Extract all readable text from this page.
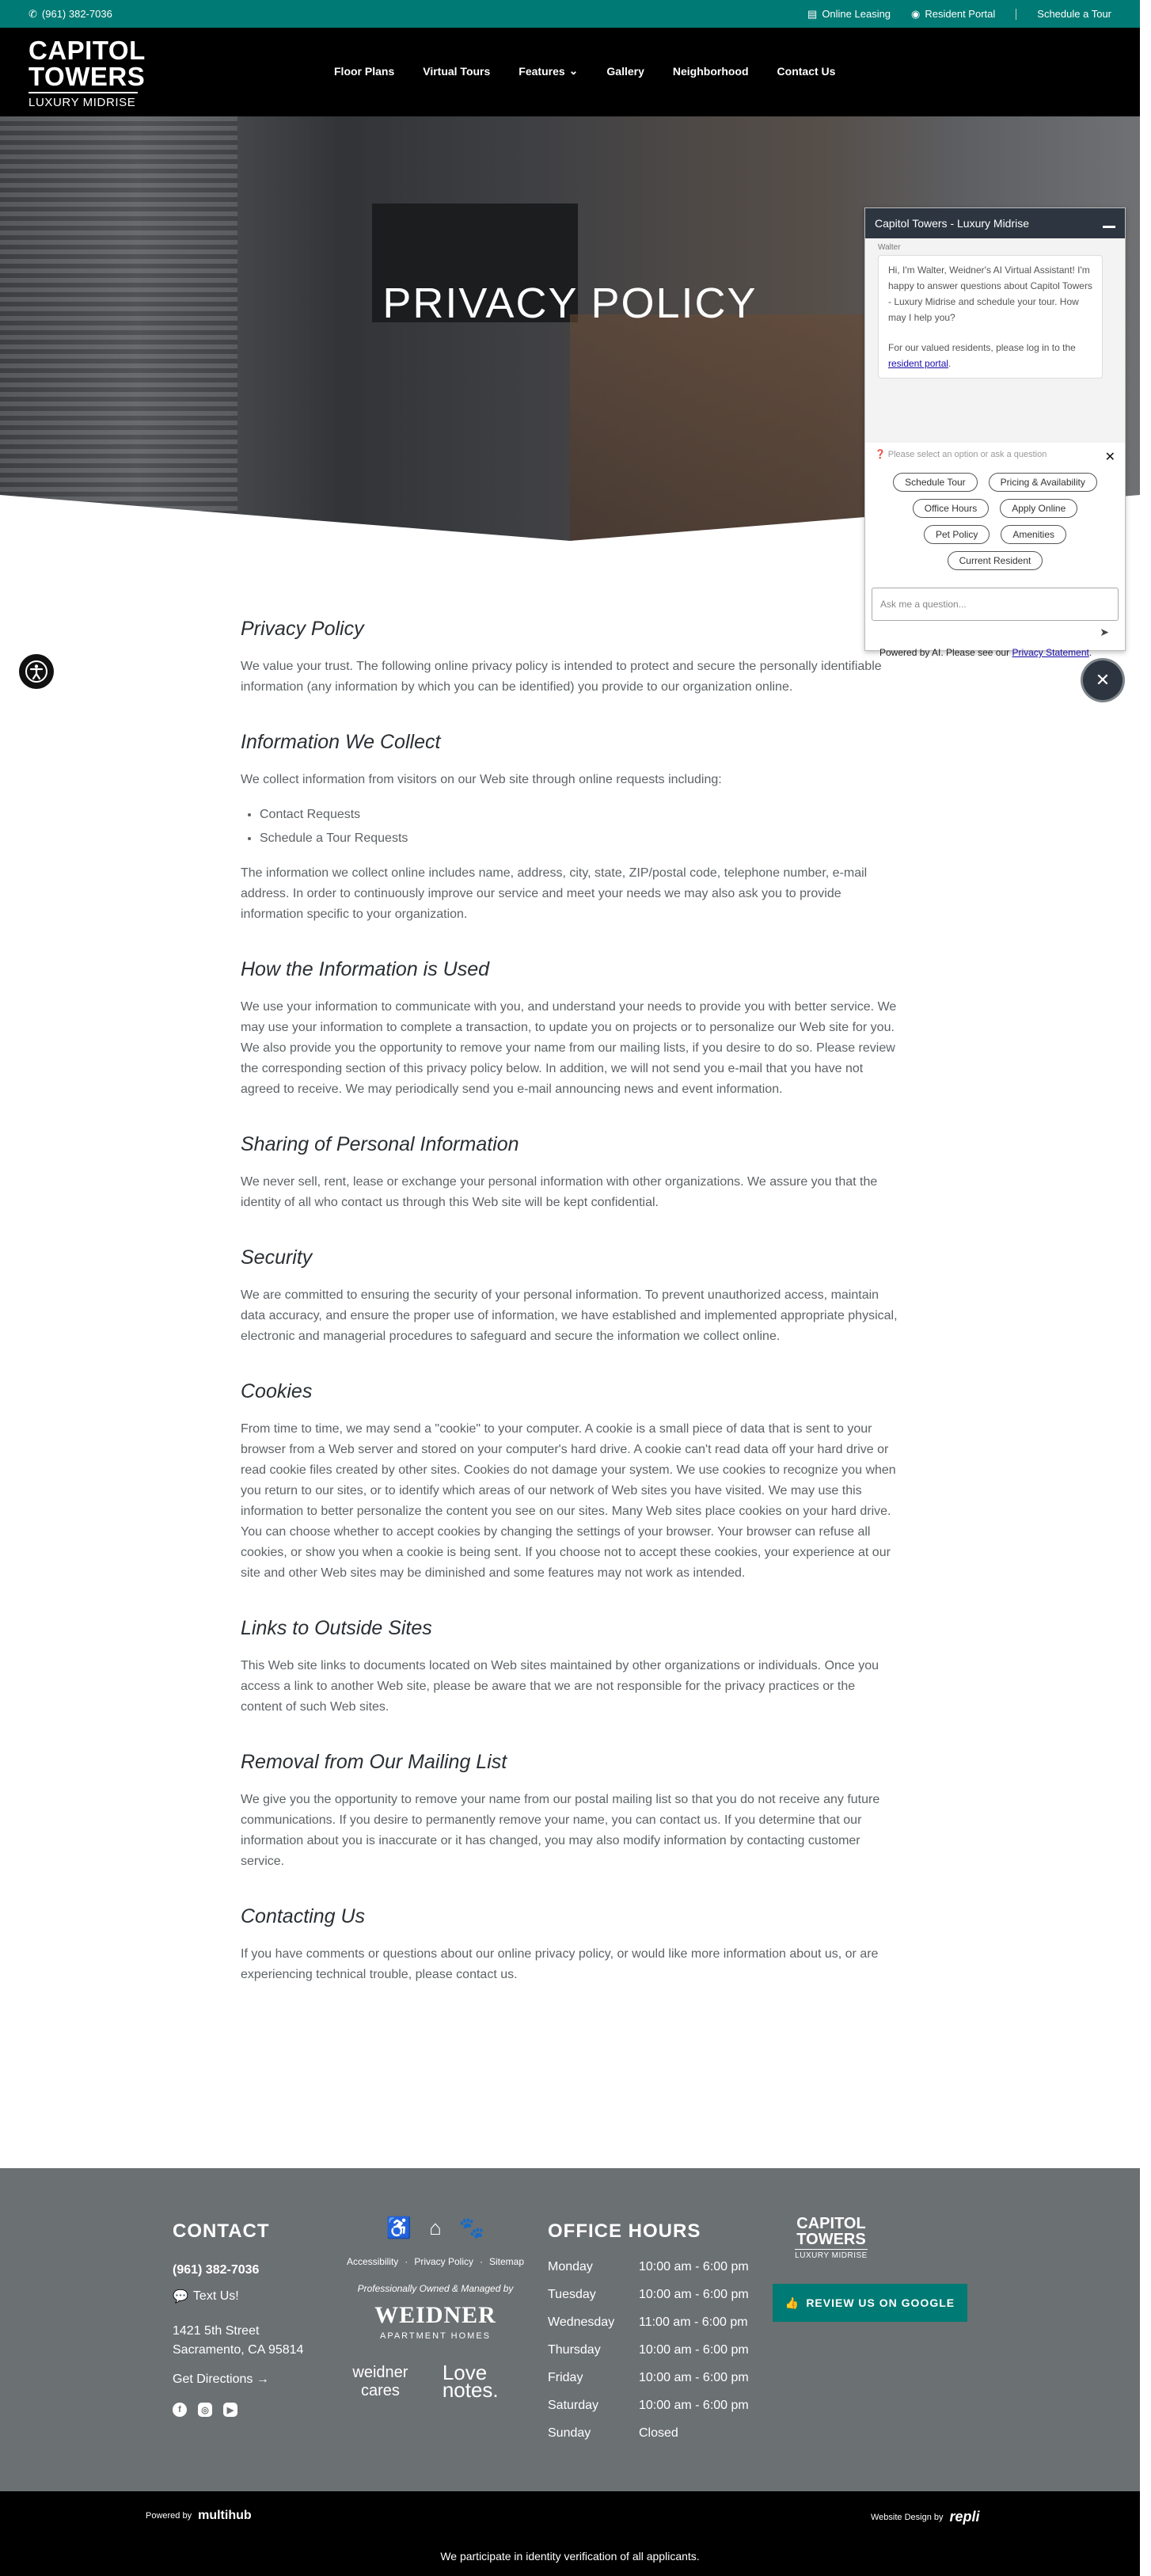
✆ (961) 382-7036	▤ Online Leasing ◉ Resident Portal	Schedule a Tour
CAPITOL
TOWERS
LUXURY MIDRISE
Floor Plans	Virtual Tours	Features ⌄	Gallery	Neighborhood	Contact Us
PRIVACY POLICY
Privacy Policy

We value your trust. The following online privacy policy is intended to protect and secure the personally identifiable information (any information by which you can be identified) you provide to our organization online.

Information We Collect

We collect information from visitors on our Web site through online requests including:

• Contact Requests
• Schedule a Tour Requests

The information we collect online includes name, address, city, state, ZIP/postal code, telephone number, e-mail address. In order to continuously improve our service and meet your needs we may also ask you to provide information specific to your organization.

How the Information is Used

We use your information to communicate with you, and understand your needs to provide you with better service. We may use your information to complete a transaction, to update you on projects or to personalize our Web site for you. We also provide you the opportunity to remove your name from our mailing lists, if you desire to do so. Please review the corresponding section of this privacy policy below. In addition, we will not send you e-mail that you have not agreed to receive. We may periodically send you e-mail announcing news and event information.

Sharing of Personal Information

We never sell, rent, lease or exchange your personal information with other organizations. We assure you that the identity of all who contact us through this Web site will be kept confidential.

Security

We are committed to ensuring the security of your personal information. To prevent unauthorized access, maintain data accuracy, and ensure the proper use of information, we have established and implemented appropriate physical, electronic and managerial procedures to safeguard and secure the information we collect online.

Cookies

From time to time, we may send a "cookie" to your computer. A cookie is a small piece of data that is sent to your browser from a Web server and stored on your computer's hard drive. A cookie can't read data off your hard drive or read cookie files created by other sites. Cookies do not damage your system. We use cookies to recognize you when you return to our sites, or to identify which areas of our network of Web sites you have visited. We may use this information to better personalize the content you see on our sites. Many Web sites place cookies on your hard drive. You can choose whether to accept cookies by changing the settings of your browser. Your browser can refuse all cookies, or show you when a cookie is being sent. If you choose not to accept these cookies, your experience at our site and other Web sites may be diminished and some features may not work as intended.

Links to Outside Sites

This Web site links to documents located on Web sites maintained by other organizations or individuals. Once you access a link to another Web site, please be aware that we are not responsible for the privacy practices or the content of such Web sites.

Removal from Our Mailing List

We give you the opportunity to remove your name from our postal mailing list so that you do not receive any future communications. If you desire to permanently remove your name, you can contact us. If you determine that our information about you is inaccurate or it has changed, you may also modify information by contacting customer service.

Contacting Us

If you have comments or questions about our online privacy policy, or would like more information about us, or are experiencing technical trouble, please contact us.

Capitol Towers - Luxury Midrise
Walter
Hi, I'm Walter, Weidner's AI Virtual Assistant! I'm happy to answer questions about Capitol Towers - Luxury Midrise and schedule your tour. How may I help you?
For our valued residents, please log in to the resident portal.
❓ Please select an option or ask a question	✕
Schedule Tour	Pricing & Availability
Office Hours	Apply Online
Pet Policy	Amenities
Current Resident
Ask me a question...
➤
Powered by AI. Please see our Privacy Statement.
✕
CONTACT
(961) 382-7036
💬 Text Us!
1421 5th Street
Sacramento, CA 95814
Get Directions →
f	◎	▶
♿ ⌂ 🐾
Accessibility · Privacy Policy · Sitemap
Professionally Owned & Managed by
WEIDNER
APARTMENT HOMES
weidner cares
Love notes.
OFFICE HOURS
Monday	10:00 am - 6:00 pm
Tuesday	10:00 am - 6:00 pm
Wednesday	11:00 am - 6:00 pm
Thursday	10:00 am - 6:00 pm
Friday	10:00 am - 6:00 pm
Saturday	10:00 am - 6:00 pm
Sunday	Closed
CAPITOL
TOWERS
LUXURY MIDRISE
👍 REVIEW US ON GOOGLE
Powered by multihub	Website Design by repli
We participate in identity verification of all applicants.
